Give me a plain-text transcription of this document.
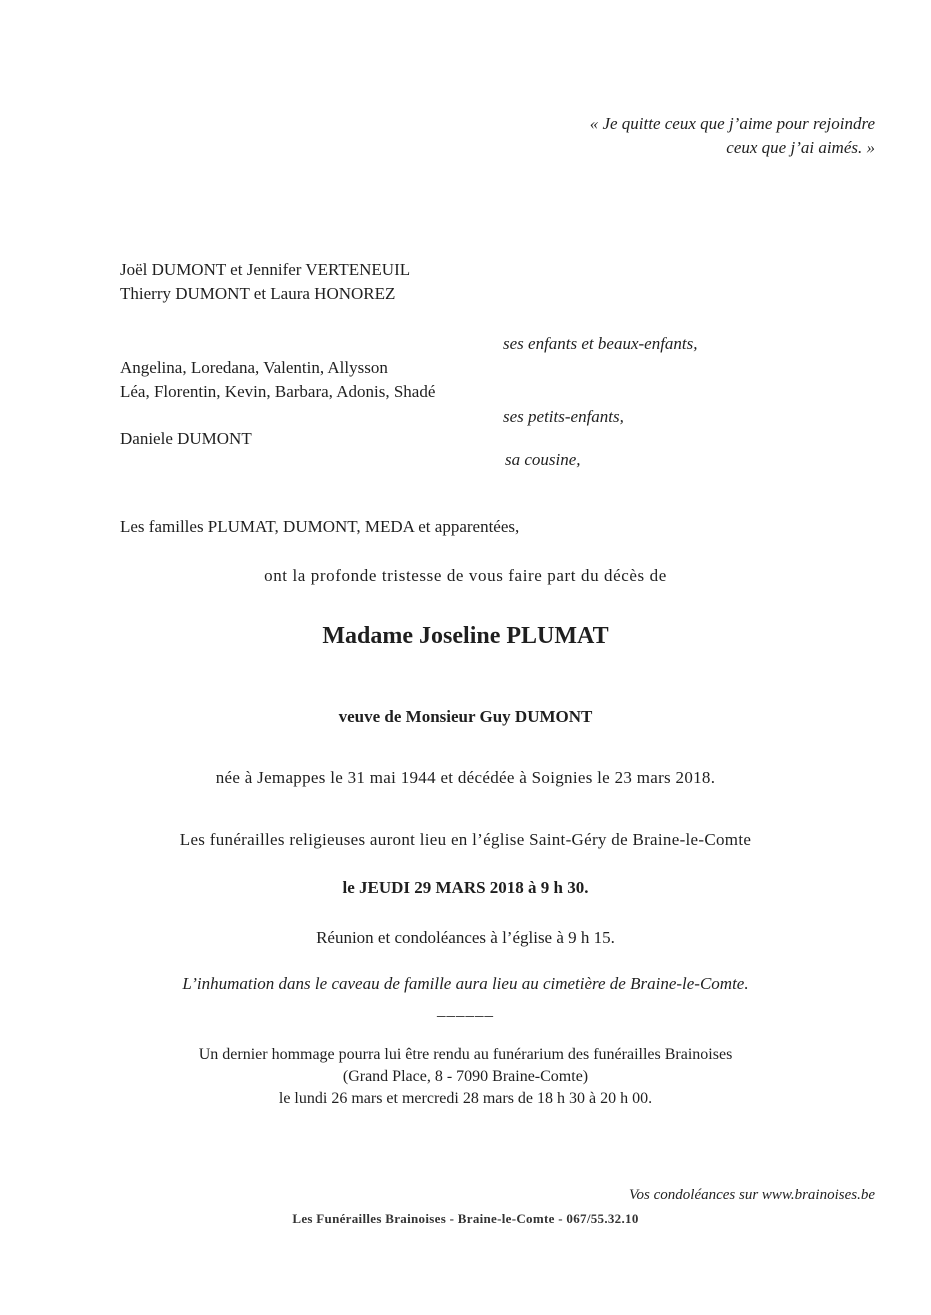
« Je quitte ceux que j’aime pour rejoindre
ceux que j’ai aimés. »
Joël DUMONT et Jennifer VERTENEUIL
Thierry DUMONT et Laura HONOREZ
ses enfants et beaux-enfants,
Angelina, Loredana, Valentin, Allysson
Léa, Florentin, Kevin, Barbara, Adonis, Shadé
ses petits-enfants,
Daniele DUMONT
sa cousine,
Les familles PLUMAT, DUMONT, MEDA et apparentées,
ont la profonde tristesse de vous faire part du décès de
Madame Joseline PLUMAT
veuve de Monsieur Guy DUMONT
née à Jemappes le 31 mai 1944 et décédée à Soignies le 23 mars 2018.
Les funérailles religieuses auront lieu en l’église Saint-Géry de Braine-le-Comte
le JEUDI 29 MARS 2018 à 9 h 30.
Réunion et condoléances à l’église à 9 h 15.
L’inhumation dans le caveau de famille aura lieu au cimetière de Braine-le-Comte.
______
Un dernier hommage pourra lui être rendu au funérarium des funérailles Brainoises
(Grand Place, 8 - 7090 Braine-Comte)
le lundi 26 mars et mercredi 28 mars de 18 h 30 à 20 h 00.
Vos condoléances sur www.brainoises.be
Les Funérailles Brainoises - Braine-le-Comte - 067/55.32.10
